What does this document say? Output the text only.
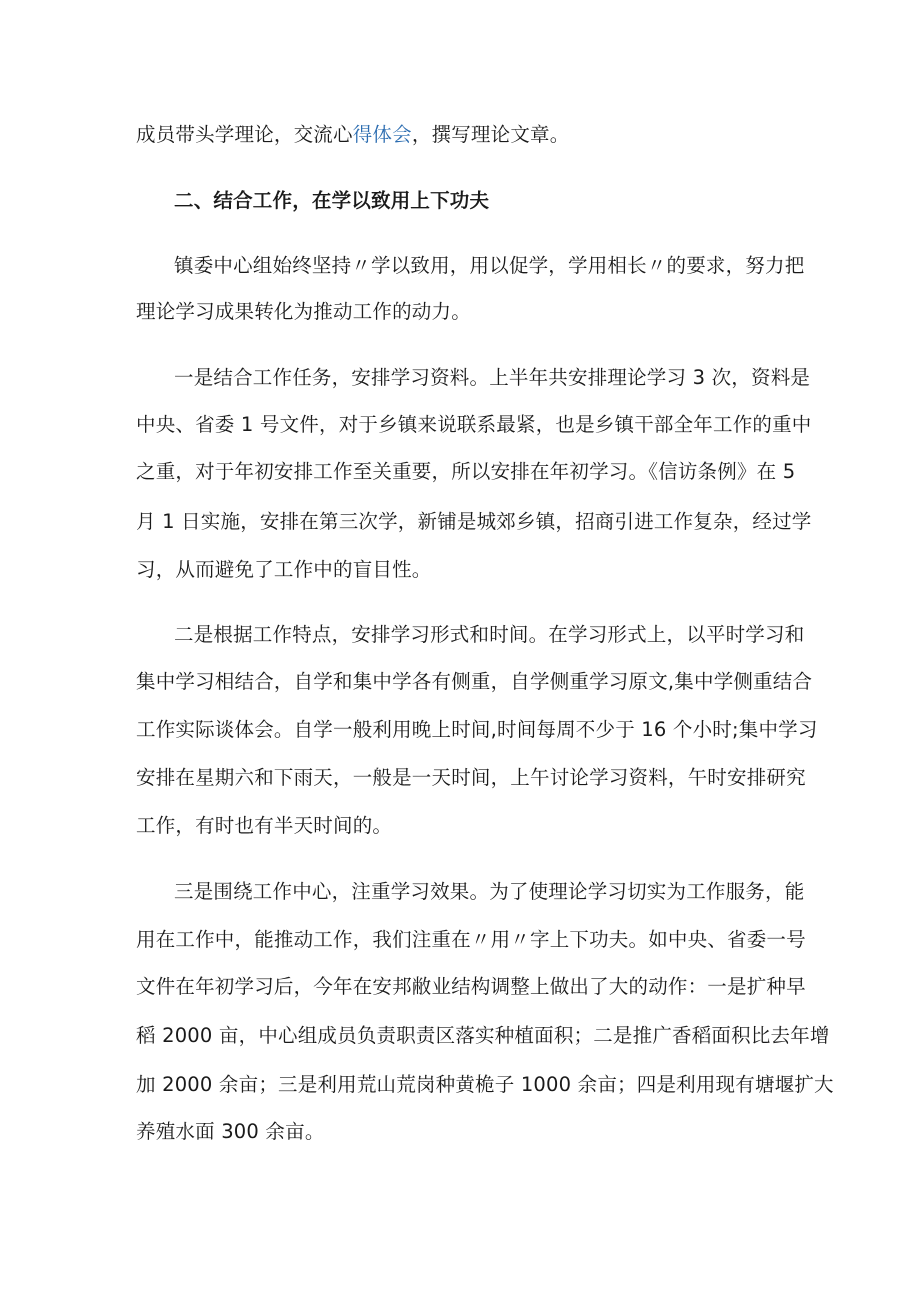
成员带头学理论，交流心得体会，撰写理论文章。
二、结合工作，在学以致用上下功夫
镇委中心组始终坚持〃学以致用，用以促学，学用相长〃的要求，努力把
理论学习成果转化为推动工作的动力。
一是结合工作任务，安排学习资料。上半年共安排理论学习 3 次，资料是
中央、省委 1 号文件，对于乡镇来说联系最紧，也是乡镇干部全年工作的重中
之重，对于年初安排工作至关重要，所以安排在年初学习。《信访条例》在 5
月 1 日实施，安排在第三次学，新铺是城郊乡镇，招商引进工作复杂，经过学
习，从而避免了工作中的盲目性。
二是根据工作特点，安排学习形式和时间。在学习形式上，以平时学习和
集中学习相结合，自学和集中学各有侧重，自学侧重学习原文,集中学侧重结合
工作实际谈体会。自学一般利用晚上时间,时间每周不少于 16 个小时;集中学习
安排在星期六和下雨天，一般是一天时间，上午讨论学习资料，午时安排研究
工作，有时也有半天时间的。
三是围绕工作中心，注重学习效果。为了使理论学习切实为工作服务，能
用在工作中，能推动工作，我们注重在〃用〃字上下功夫。如中央、省委一号
文件在年初学习后，今年在安邦敝业结构调整上做出了大的动作：一是扩种早
稻 2000 亩，中心组成员负责职责区落实种植面积；二是推广香稻面积比去年增
加 2000 余亩；三是利用荒山荒岗种黄桅子 1000 余亩；四是利用现有塘堰扩大
养殖水面 300 余亩。
